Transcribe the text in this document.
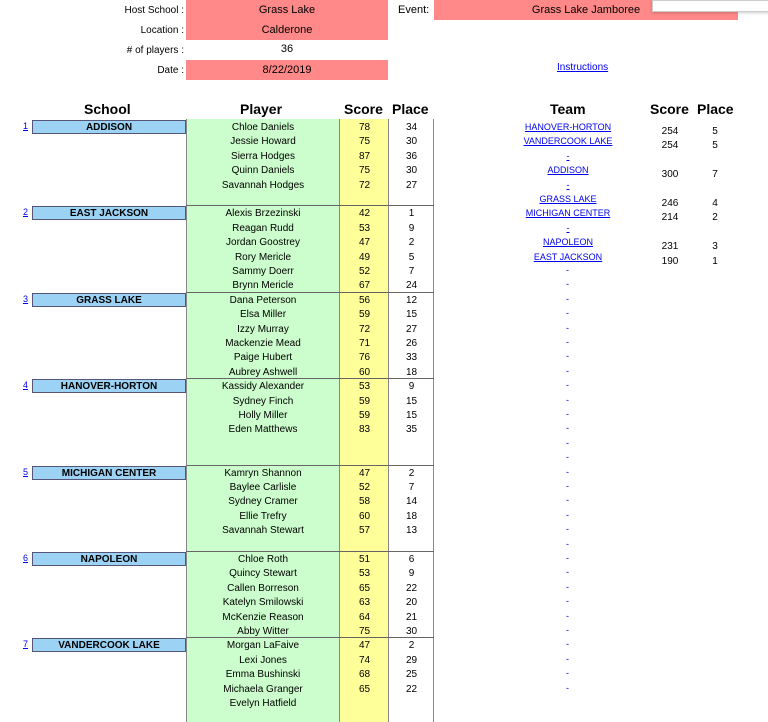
Host School :	Grass Lake
Location :	Calderone
# of players :	36
Date :	8/22/2019
Event:	Grass Lake Jamboree
Instructions
School	Player	Score Place	Team	Score Place
1	ADDISON	Chloe Daniels	78	34
Jessie Howard	75	30
Sierra Hodges	87	36
Quinn Daniels	75	30
Savannah Hodges	72	27
2	EAST JACKSON	Alexis Brzezinski	42	1
Reagan Rudd	53	9
Jordan Goostrey	47	2
Rory Mericle	49	5
Sammy Doerr	52	7
Brynn Mericle	67	24
3	GRASS LAKE	Dana Peterson	56	12
Elsa Miller	59	15
Izzy Murray	72	27
Mackenzie Mead	71	26
Paige Hubert	76	33
Aubrey Ashwell	60	18
4	HANOVER-HORTON	Kassidy Alexander	53	9
Sydney Finch	59	15
Holly Miller	59	15
Eden Matthews	83	35
5	MICHIGAN CENTER	Kamryn Shannon	47	2
Baylee Carlisle	52	7
Sydney Cramer	58	14
Ellie Trefry	60	18
Savannah Stewart	57	13
6	NAPOLEON	Chloe Roth	51	6
Quincy Stewart	53	9
Callen Borreson	65	22
Katelyn Smilowski	63	20
McKenzie Reason	64	21
Abby Witter	75	30
7	VANDERCOOK LAKE	Morgan LaFaive	47	2
Lexi Jones	74	29
Emma Bushinski	68	25
Michaela Granger	65	22
Evelyn Hatfield
HANOVER-HORTON	254	5
VANDERCOOK LAKE	254	5
-
ADDISON	300	7
-
GRASS LAKE	246	4
MICHIGAN CENTER	214	2
-
NAPOLEON	231	3
EAST JACKSON	190	1
-
-
-
-
-
-
-
-
-
-
-
-
-
-
-
-
-
-
-
-
-
-
-
-
-
-
-
-
-
-
